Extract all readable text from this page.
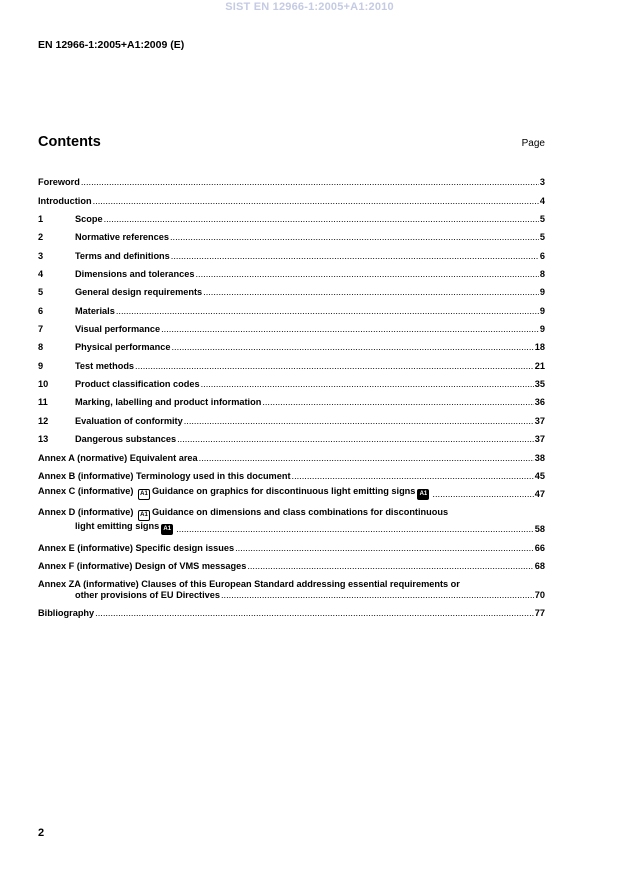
SIST EN 12966-1:2005+A1:2010
EN 12966-1:2005+A1:2009 (E)
Contents	Page
Foreword .....	3
Introduction .....	4
1	Scope .....	5
2	Normative references .....	5
3	Terms and definitions .....	6
4	Dimensions and tolerances .....	8
5	General design requirements .....	9
6	Materials .....	9
7	Visual performance .....	9
8	Physical performance .....	18
9	Test methods .....	21
10	Product classification codes .....	35
11	Marking, labelling and product information .....	36
12	Evaluation of conformity .....	37
13	Dangerous substances .....	37
Annex A (normative) Equivalent area .....	38
Annex B (informative) Terminology used in this document .....	45
Annex C (informative) A1 Guidance on graphics for discontinuous light emitting signs A1 .....	47
Annex D (informative) A1 Guidance on dimensions and class combinations for discontinuous
light emitting signs A1 .....	58
Annex E (informative) Specific design issues .....	66
Annex F (informative) Design of VMS messages .....	68
Annex ZA (informative) Clauses of this European Standard addressing essential requirements or
other provisions of EU Directives .....	70
Bibliography .....	77
2
